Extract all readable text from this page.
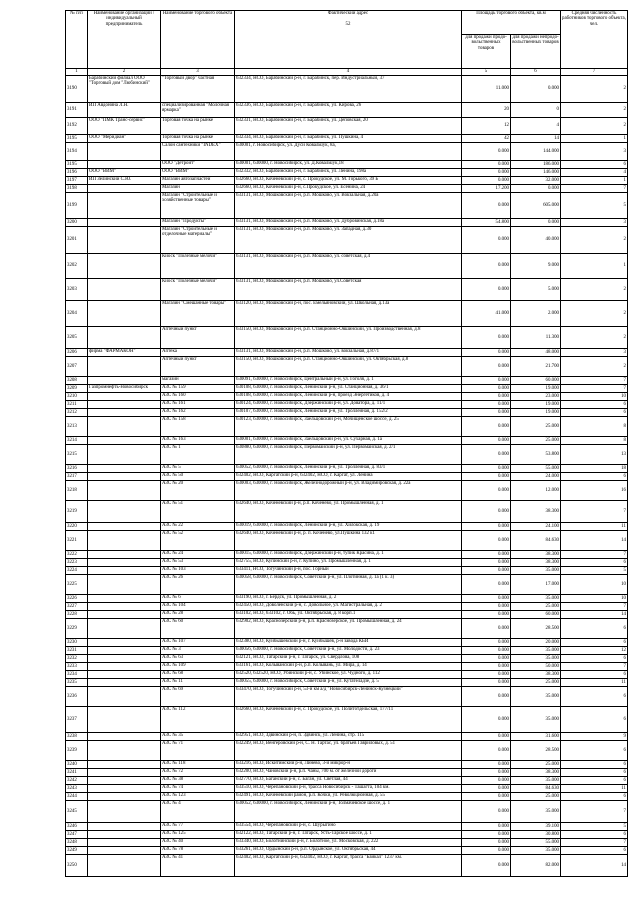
№ п/п	Наименование организации / индивидуальный предприниматель	Наименование торгового объекта	Фактический адрес

52	Площадь торгового объекта, кв.м		Средняя численность работников торгового объекта, чел.
				для продажи продо-вольственных товаров	для продажи непродо-вольственных товаров	
1	2	3	4	5	6	7
3190	Барабинский филиал ООО "Торговый дом "Любинский"	"Торговый двор" частная	632334, НСО, Барабинский р-н, г. Барабинск, пер. Индустриальный, 37	11.000	0.000	2
3191	ИП Авдонина Л.Н.	специализированная "Молочная ярмарка"	632336, НСО, Барабинский р-н, г. Барабинск, ул. Кирова, 26	20	0	2
3192	ООО "ПМК Транс-сервис"	Торговая точка на рынке	632331, НСО, Барабинский р-н, г. Барабинск, ул. Деповская, 20	12	4	2
3195	ООО "Меридиан"	Торговая точка на рынке	632334, НСО, Барабинский р-н, г. Барабинск, ул. Пушкина, 4	42	14	1
3194		Салон сантехники "INDEX"	630001, г. Новосибирск, ул. Дуси Ковальчук, 8а,	0.000	144.000	3
3195		ООО "Детройт"	630001, 630000, г. Новосибирск, ул. Д.Ковальчук,18	0.000	186.000	6
3196	ООО "ВИМ"	ООО "ВИМ"	632332, НСО, Барабинский р-н, г. Барабинск, ул. Ленина, 198а	0.000	146.000	4
3197	ИП Зелинский С.Ю.	Магазин автозапчастей	632660, НСО, Коченевский р-н, с. Прокудское, ул. М. Горького, 39 Б	0.000	32.000	1
3198		Магазин	632660, НСО, Коченевский р-н, с.Прокудское, ул. Есенина, 24	17.200	0.000	7
3199		Магазин "Строительные и хозяйственные товары"	633131, НСО, Мошковский р-н, р.п. Мошково, ул. Вокзальная, д.20а	0.000	605.000	5
3200		Магазин "Продукты"	633131, НСО, Мошковский р-н, р.п. Мошково, ул. Дубровинская, д.18а	54.800	0.000	3
3201		Магазин "Строительные и отделочные материалы"	633131, НСО, Мошковский р-н, р.п. Мошково, ул. Западная, д.30	0.000	40.000	2
3202		Киоск "Полезные мелочи"	633131, НСО, Мошковский р-н, р.п. Мошково, ул. советская, д.4	0.000	9.000	1
3203		Киоск "Полезные мелочи"	633131, НСО, Мошковский р-н, р.п. Мошково, ул.Советская	0.000	5.000	2
3204		Магазин "Смешанные товары"	633120, НСО, Мошковский р-н, пос. Емельяновский, ул. Школьная, д.13а	41.000	2.000	2
3205		Аптечный пункт	633150, НСО, Мошковский р-н, р.п. Станционно-Ояшинский, ул. Производственная, д.8	0.000	11.300	2
3206	фирма "ФАРМАКОН"	Аптека	633131, НСО, Мошковский р-н, р.п. Мошково, ул. вокзальная, д.87/1	0.000	48.000	3
3207		Аптечный пункт	633150, НСО, Мошковский р-н, р.п. Станционно-Ояшинский, ул. Октябрьская, д.8	0.000	21.700	2
3208		магазин	630091, 630000, г. Новосибирск, Центральный р-н, ул. Гоголя, д. 1	0.000	60.000	7
3209	Газпромнефть-Новосибирск	АЗС № 159	630108, 630000, г. Новосибирск, Ленинский р-н, ул. Станционная, д. 36/1	0.000	19.000	7
3210		АЗС № 160	630108, 630000, г. Новосибирск, Ленинский р-н, проезд Энергетиков, д. 4	0.000	23.000	10
3211		АЗС № 161	630124, 630000, г. Новосибирск, Дзержинский р-н, ул. Доватора, д. 11/1	0.000	19.000	6
3212		АЗС № 162	630107, 630000, г. Новосибирск, Ленинский р-н, ул. Троллейная, д. 152/2	0.000	19.000	6
3213		АЗС № 158	630123, 630000, г. Новосибирск, Заельцовский р-н, Мочищенское шоссе, д. 25	0.000	25.000	8
3214		АЗС № 163	630001, 630000, г. Новосибирск, Заельцовский р-н, ул. Сухарная, д. 1а	0.000	25.000	8
3215		АЗС № 1	630880, 630000, г. Новосибирск, Первомайский р-н, ул. Первомайская, д. 2/1	0.000	53.800	13
3216		АЗС № 5	630052, 630000, г. Новосибирск, Ленинский р-н, ул. Троллейная, д. 83/1	0.000	55.000	18
3217		АЗС № 50	632402, НСО, Каргатский р-н, 632402, НСО, г. Каргат, ул. Ленина	0.000	24.000	6
3218		АЗС № 20	630003, 630000, г. Новосибирск, Железнодорожный р-н, ул. Владимировская, д. 22а	0.000	12.000	16
3219		АЗС № 51	632640, НСО, Коченевский р-н, р.п. Коченево, ул. Промышленная, д. 1	0.000	38.300	7
3220		АЗС № 22	630019, 630000, г. Новосибирск, Ленинский р-н, ул. Хилокская, д. 19	0.000	24.100	11
3221		АЗС № 52	632640, НСО, Коченевский р-н, р. п. Коченево, ул.Пушкина 132 к1	0.000	84.630	14
3222		АЗС № 24	630015, 630000, г. Новосибирск, Дзержинский р-н, тупик Красина, д. 1	0.000	38.300	7
3223		АЗС № 53	632755, НСО, Купинский р-н, г. Купино, ул. Промышленная, д. 1	0.000	38.300	6
3224		АЗС № 103	633411, НСО, Тогучинский р-н, пос. Горный	0.000	35.000	5
3225		АЗС № 26	630058, 630000, г. Новосибирск, Советский р-н, ул. Плотинная, д. 1а (1 к. 3)	0.000	17.000	10
3226		АЗС № 6	633190, НСО, г. Бердск, ул. Промышленная, д. 2	0.000	35.000	10
3227		АЗС № 104	632450, НСО, Доволенский р-н, с. Довольное, ул. Магистральная, д. 2	0.000	25.000	7
3228		АЗС № 28	633102, НСО, 633102, г. Обь, ул. Октябрьская, д. 8 корп.1	0.000	60.000	14
3229		АЗС № 60	632902, НСО, Краснозерский р-н, р.п. Краснозерское, ул. Промышленная, д. 24	0.000	28.500	6
3230		АЗС № 107	632380, НСО, Куйбышевский р-н, г. Куйбышев, р-н завода КБИ	0.000	20.000	6
3231		АЗС № 3	630056, 630000, г. Новосибирск, Советский р-н, ул. Молодости, д. 23	0.000	35.000	12
3232		АЗС № 63	632121, НСО, Татарский р-н, г. Татарск, ул. Свердлова, 108	0.000	35.000	6
3233		АЗС № 109	633161, НСО, Колыванский р-н, р.п. Колывань, ул. Мира, д. 14	0.000	50.000	7
3234		АЗС № 68	632520, 632520, НСО, Убинский р-н, с. Убинское, ул. Чудного, д. 112	0.000	38.300	6
3235		АЗС № 11	630055, 630000, г. Новосибирск, Советский р-н, ул. Кутателадзе, д. 5	0.000	25.000	11
3236		АЗС № 69	633470, НСО, Тогучинский р-н, 53-й км а/д "Новосибирск-Ленинск-Кузнецкий"	0.000	35.000	6
3237		АЗС № 112	632660, НСО, Коченевский р-н, с. Прокудское, ул. Политотдельская, 177/11	0.000	35.000	6
3238		АЗС № 35	632951, НСО, Здвинский р-н, п. Здвинск, ул. Ленина, стр. 115	0.000	31.600	9
3239		АЗС № 71	632249, НСО, Венгеровский р-н, С. Н. Тартас, ул. братьев Гавриловых, д. 51	0.000	28.500	6
3240		АЗС № 118	633216, НСО, Искитимский р-н, Линево, 3-й микрор-н	0.000	25.000	6
3241		АЗС № 72	632200, НСО, Чановский р-н, р.п. Чаны, 700 м. от железной дороги	0.000	38.300	6
3242		АЗС № 38	632770, НСО, Баганский р-н, с. Баган, ул. Светлая, 44	0.000	35.000	6
3243		АЗС № 74	633510, НСО, Черепановский р-н, трасса Новосибирск - Ташагта, 104 км.	0.000	84.630	11
3244		АЗС № 123	632491, НСО, Коченевский район, р.п. Кочки, ул. Революционная, д. 55	0.000	25.000	6
3245		АЗС № 4	630052, 630000, г. Новосибирск, Ленинский р-н, Толмачевское шоссе, д. 1	0.000	35.000	7
3246		АЗС № 77	633554, НСО, Черепановский р-н, с. Шурыгино	0.000	39.100	5
3247		АЗС № 125	632122, НСО, Татарский р-н, г. Татарск, Усть-Тарское шоссе, д. 1	0.000	30.800	6
3248		АЗС № 40	633340, НСО, Болотнинский р-н, г. Болотное, ул. Московская, д. 222	0.000	55.000	7
3249		АЗС № 78	633261, НСО, Ордынский р-н, р.п. Ордынское, ул. Октябрьская, 44	0.000	35.000	6
3250		АЗС № 41	632402, НСО, Каргатский р-н, 632402, НСО, г. Каргат, трасса "Байкал" 1237 км.	0.000	82.000	14
